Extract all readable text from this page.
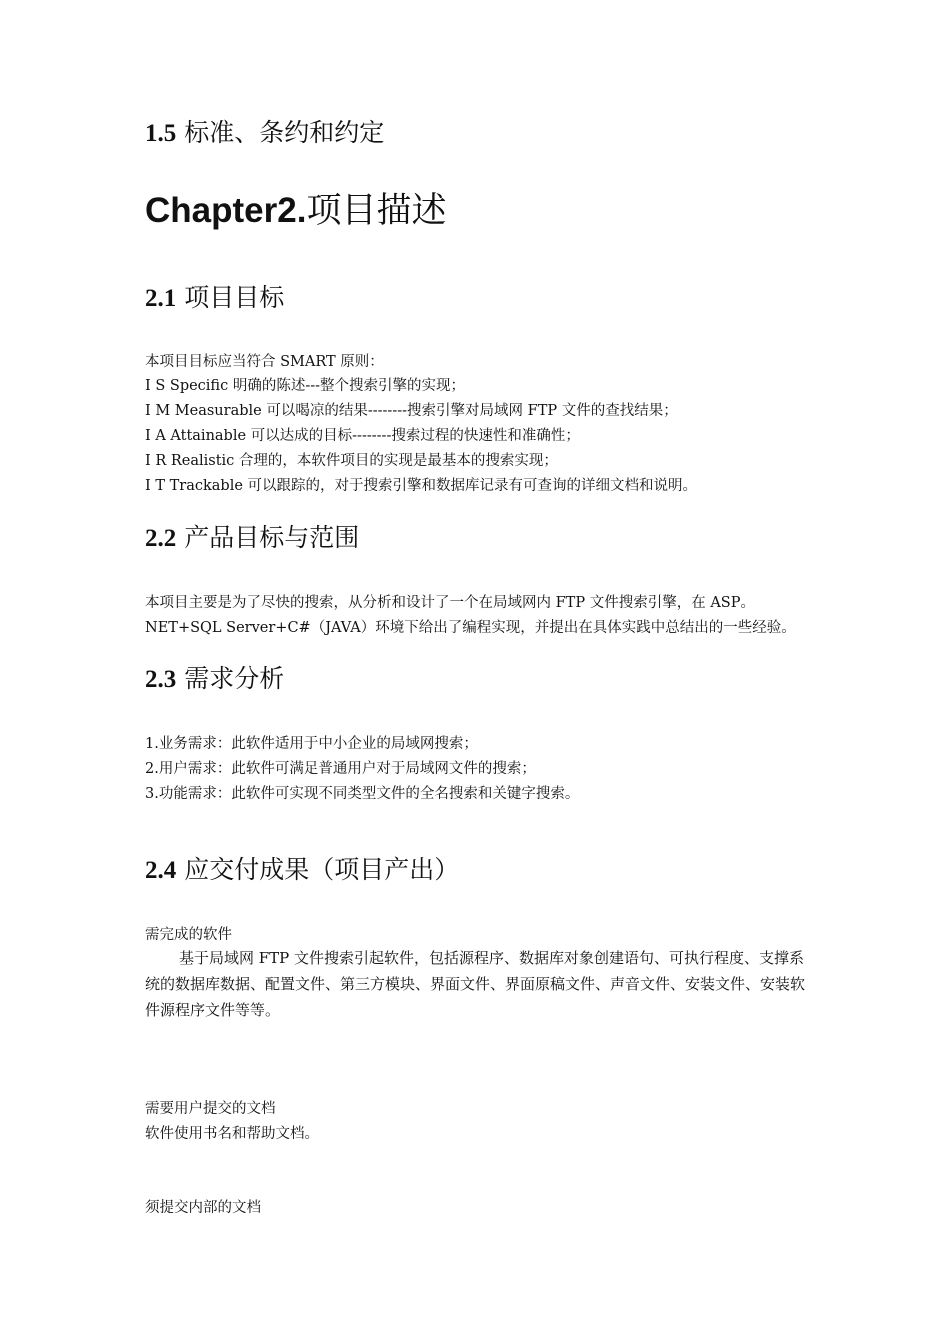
1.5 标准、条约和约定
Chapter2.项目描述
2.1 项目目标
本项目目标应当符合 SMART 原则：
I S Specific 明确的陈述---整个搜索引擎的实现；
I M Measurable 可以喝凉的结果--------搜索引擎对局域网 FTP 文件的查找结果；
I A Attainable 可以达成的目标--------搜索过程的快速性和准确性；
I R Realistic 合理的，本软件项目的实现是最基本的搜索实现；
I T Trackable 可以跟踪的，对于搜索引擎和数据库记录有可查询的详细文档和说明。
2.2 产品目标与范围
本项目主要是为了尽快的搜索，从分析和设计了一个在局域网内 FTP 文件搜索引擎，在 ASP。
NET+SQL Server+C#（JAVA）环境下给出了编程实现，并提出在具体实践中总结出的一些经验。
2.3 需求分析
1.业务需求：此软件适用于中小企业的局域网搜索；
2.用户需求：此软件可满足普通用户对于局域网文件的搜索；
3.功能需求：此软件可实现不同类型文件的全名搜索和关键字搜索。
2.4 应交付成果（项目产出）
需完成的软件

基于局域网 FTP 文件搜索引起软件，包括源程序、数据库对象创建语句、可执行程度、支撑系统的数据库数据、配置文件、第三方模块、界面文件、界面原稿文件、声音文件、安装文件、安装软件源程序文件等等。

需要用户提交的文档
软件使用书名和帮助文档。
须提交内部的文档
